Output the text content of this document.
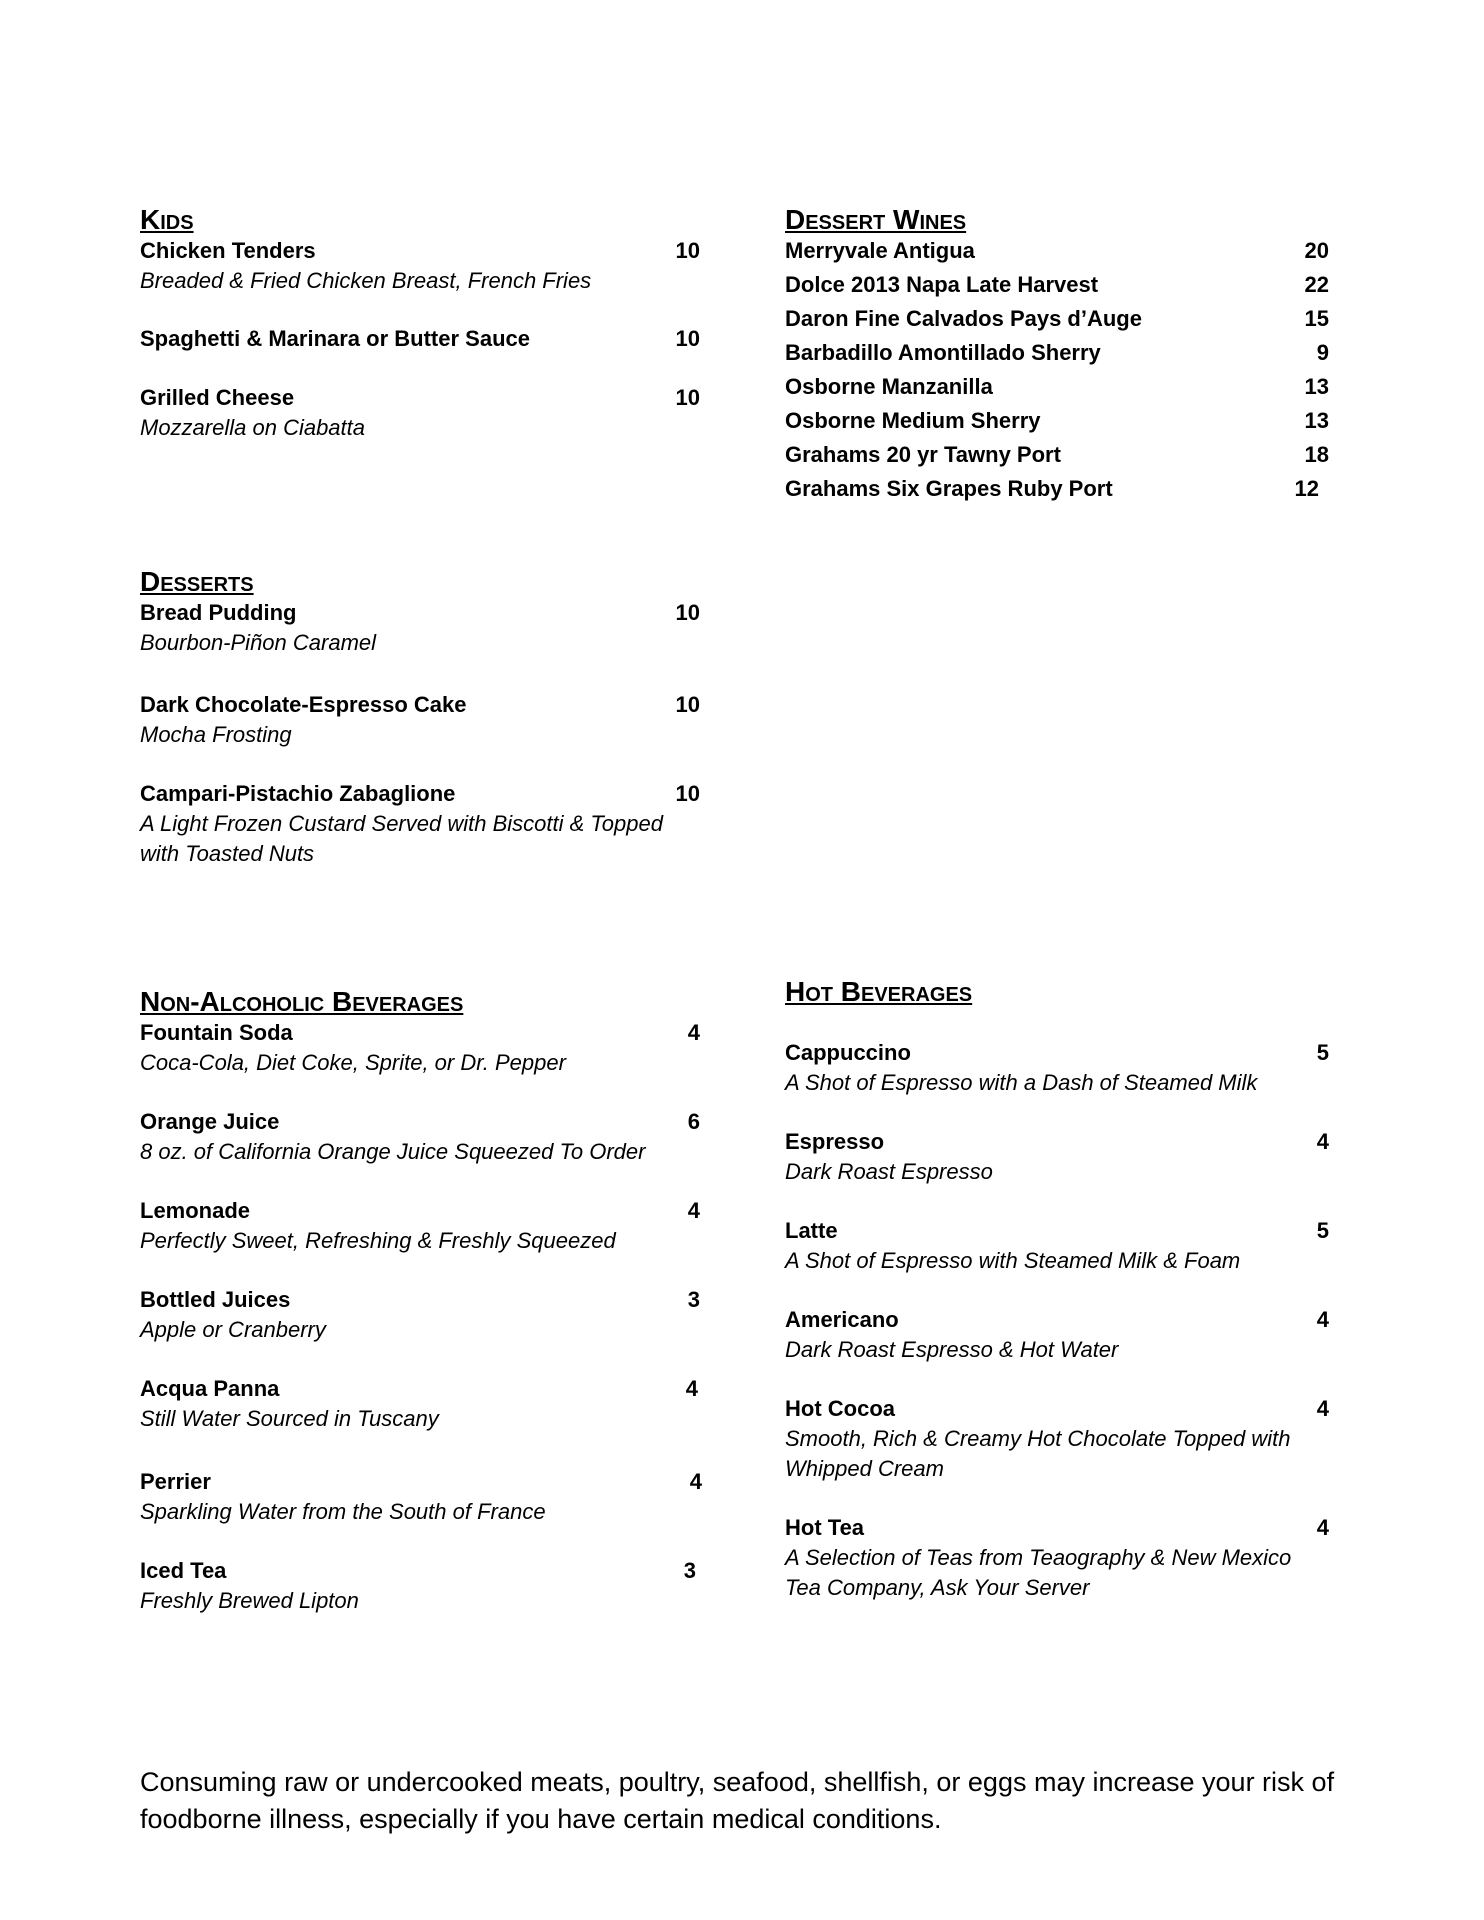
Kids
Chicken Tenders	10
Breaded & Fried Chicken Breast, French Fries
Spaghetti & Marinara or Butter Sauce	10
Grilled Cheese	10
Mozzarella on Ciabatta
Dessert Wines
Merryvale Antigua	20
Dolce 2013 Napa Late Harvest	22
Daron Fine Calvados Pays d’Auge	15
Barbadillo Amontillado Sherry	9
Osborne Manzanilla	13
Osborne Medium Sherry	13
Grahams 20 yr Tawny Port	18
Grahams Six Grapes Ruby Port	12
Desserts
Bread Pudding	10
Bourbon-Piñon Caramel
Dark Chocolate-Espresso Cake	10
Mocha Frosting
Campari-Pistachio Zabaglione	10
A Light Frozen Custard Served with Biscotti & Topped with Toasted Nuts
Non-Alcoholic Beverages
Fountain Soda	4
Coca-Cola, Diet Coke, Sprite, or Dr. Pepper
Orange Juice	6
8 oz. of California Orange Juice Squeezed To Order
Lemonade	4
Perfectly Sweet, Refreshing & Freshly Squeezed
Bottled Juices	3
Apple or Cranberry
Acqua Panna	4
Still Water Sourced in Tuscany
Perrier	4
Sparkling Water from the South of France
Iced Tea	3
Freshly Brewed Lipton
Hot Beverages
Cappuccino	5
A Shot of Espresso with a Dash of Steamed Milk
Espresso	4
Dark Roast Espresso
Latte	5
A Shot of Espresso with Steamed Milk & Foam
Americano	4
Dark Roast Espresso & Hot Water
Hot Cocoa	4
Smooth, Rich & Creamy Hot Chocolate Topped with Whipped Cream
Hot Tea	4
A Selection of Teas from Teaography & New Mexico Tea Company, Ask Your Server
Consuming raw or undercooked meats, poultry, seafood, shellfish, or eggs may increase your risk of foodborne illness, especially if you have certain medical conditions.
